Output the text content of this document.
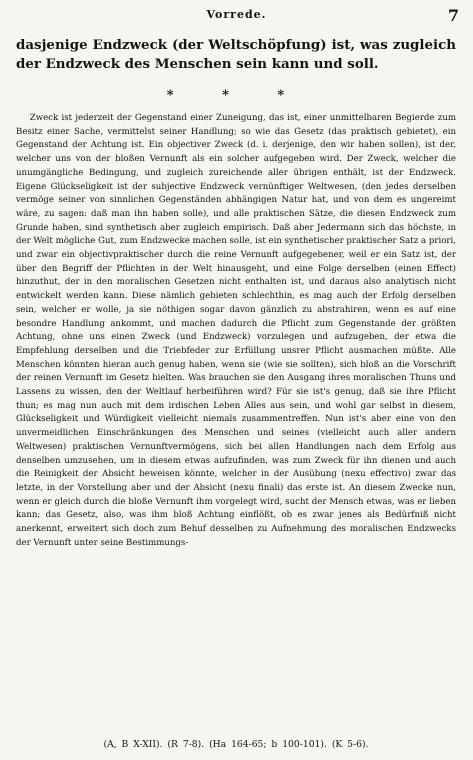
Vorrede.	7
dasjenige Endzweck (der Weltschöpfung) ist, was zugleich der Endzweck des Menschen sein kann und soll.
* * *
Zweck ist jederzeit der Gegenstand einer Zuneigung, das ist, einer unmittelbaren Begierde zum Besitz einer Sache, vermittelst seiner Handlung; so wie das Gesetz (das praktisch gebietet), ein Gegenstand der Achtung ist. Ein objectiver Zweck (d. i. derjenige, den wir haben sollen), ist der, welcher uns von der bloßen Vernunft als ein solcher aufgegeben wird. Der Zweck, welcher die unumgängliche Bedingung, und zugleich zureichende aller übrigen enthält, ist der Endzweck. Eigene Glückseligkeit ist der subjective Endzweck vernünftiger Weltwesen, (den jedes derselben vermöge seiner von sinnlichen Gegenständen abhängigen Natur hat, und von dem es ungereimt wäre, zu sagen: daß man ihn haben solle), und alle praktischen Sätze, die diesen Endzweck zum Grunde haben, sind synthetisch aber zugleich empirisch. Daß aber Jedermann sich das höchste, in der Welt mögliche Gut, zum Endzwecke machen solle, ist ein synthetischer praktischer Satz a priori, und zwar ein objectivpraktischer durch die reine Vernunft aufgegebener, weil er ein Satz ist, der über den Begriff der Pflichten in der Welt hinausgeht, und eine Folge derselben (einen Effect) hinzuthut, der in den moralischen Gesetzen nicht enthalten ist, und daraus also analytisch nicht entwickelt werden kann. Diese nämlich gebieten schlechthin, es mag auch der Erfolg derselben sein, welcher er wolle, ja sie nöthigen sogar davon gänzlich zu abstrahiren, wenn es auf eine besondre Handlung ankommt, und machen dadurch die Pflicht zum Gegenstande der größten Achtung, ohne uns einen Zweck (und Endzweck) vorzulegen und aufzugeben, der etwa die Empfehlung derselben und die Triebfeder zur Erfüllung unsrer Pflicht ausmachen müßte. Alle Menschen könnten hieran auch genug haben, wenn sie (wie sie sollten), sich bloß an die Vorschrift der reinen Vernunft im Gesetz hielten. Was brauchen sie den Ausgang ihres moralischen Thuns und Lassens zu wissen, den der Weltlauf herbeiführen wird? Für sie ist's genug, daß sie ihre Pflicht thun; es mag nun auch mit dem irdischen Leben Alles aus sein, und wohl gar selbst in diesem, Glückseligkeit und Würdigkeit vielleicht niemals zusammentreffen. Nun ist's aber eine von den unvermeidlichen Einschränkungen des Menschen und seines (vielleicht auch aller andern Weltwesen) praktischen Vernunftvermögens, sich bei allen Handlungen nach dem Erfolg aus denselben umzusehen, um in diesem etwas aufzufinden, was zum Zweck für ihn dienen und auch die Reinigkeit der Absicht beweisen könnte, welcher in der Ausübung (nexu effectivo) zwar das letzte, in der Vorstellung aber und der Absicht (nexu finali) das erste ist. An diesem Zwecke nun, wenn er gleich durch die bloße Vernunft ihm vorgelegt wird, sucht der Mensch etwas, was er lieben kann; das Gesetz, also, was ihm bloß Achtung einflößt, ob es zwar jenes als Bedürfniß nicht anerkennt, erweitert sich doch zum Behuf desselben zu Aufnehmung des moralischen Endzwecks der Vernunft unter seine Bestimmungs-
(A, B X-XII). (R 7-8). (Ha 164-65; b 100-101). (K 5-6).
